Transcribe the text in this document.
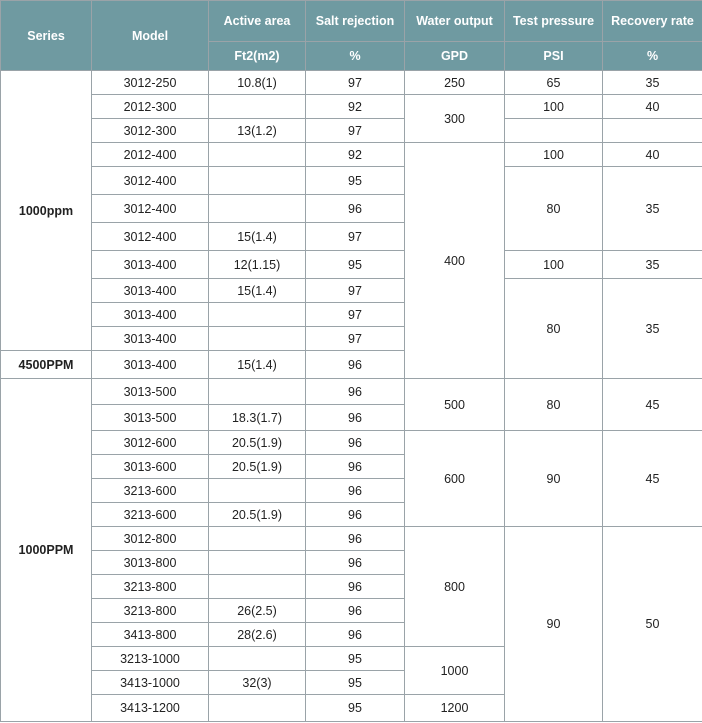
Series	Model	Active area	Salt rejection	Water output	Test pressure	Recovery rate	
		Ft2(m2)	%	GPD	PSI	%	
1000ppm	3012-250	10.8(1)	97	250	65	35	
	2012-300		92	300	100	40	
	3012-300	13(1.2)	97				
	2012-400		92	400	100	40	
	3012-400		95		80	35	
	3012-400		96				
	3012-400	15(1.4)	97				
	3013-400	12(1.15)	95		100	35	
	3013-400	15(1.4)	97		80	35	
	3013-400		97				
	3013-400		97				
4500PPM	3013-400	15(1.4)	96		
1000PPM	3013-500		96	500	80	45	
	3013-500	18.3(1.7)	96				
	3012-600	20.5(1.9)	96	600	90	45	
	3013-600	20.5(1.9)	96				
	3213-600		96				
	3213-600	20.5(1.9)	96				
	3012-800		96	800	90	50	
	3013-800		96				
	3213-800		96				
	3213-800	26(2.5)	96				
	3413-800	28(2.6)	96				
	3213-1000		95	1000			
	3413-1000	32(3)	95				
	3413-1200		95	1200			
